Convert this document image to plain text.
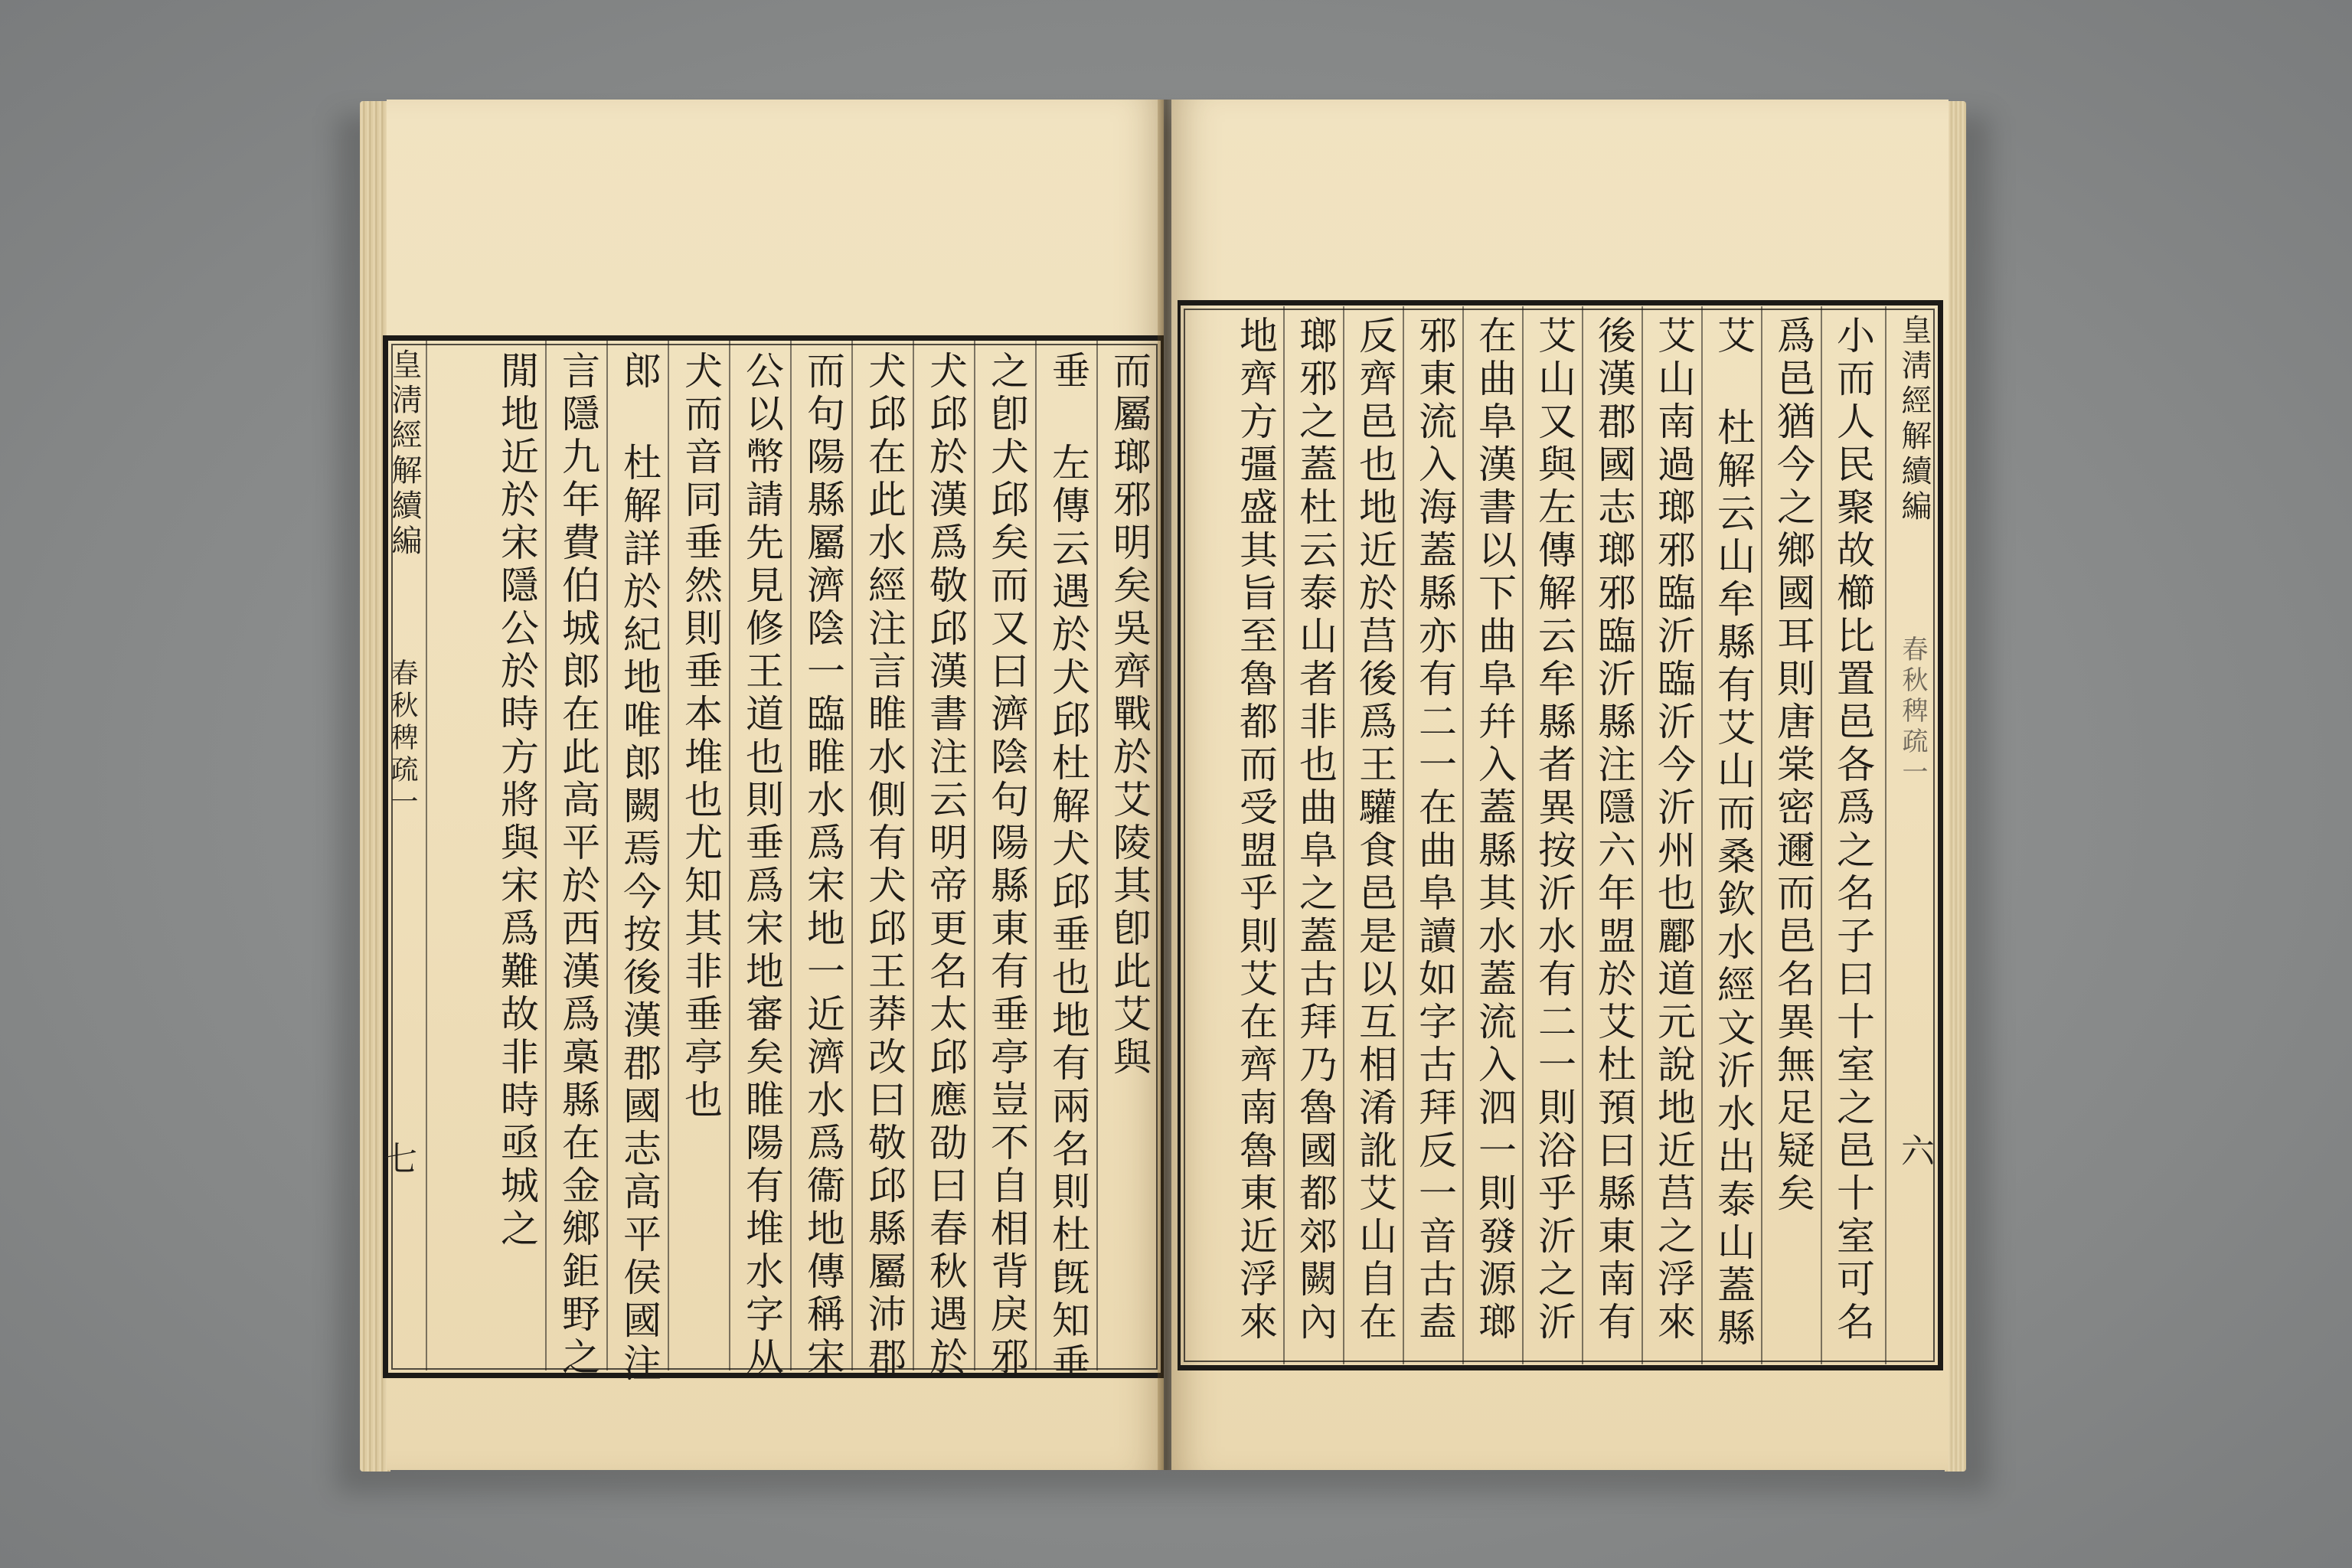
皇淸經解續編
春秋稗疏一
七
而屬瑯邪明矣吳齊戰於艾陵其卽此艾與
垂 左傳云遇於犬邱杜解犬邱垂也地有兩名則杜旣知垂
之卽犬邱矣而又曰濟陰句陽縣東有垂亭豈不自相背戾邪
犬邱於漢爲敬邱漢書注云明帝更名太邱應劭曰春秋遇於
犬邱在此水經注言睢水側有犬邱王莽改曰敬邱縣屬沛郡
而句陽縣屬濟陰一臨睢水爲宋地一近濟水爲衞地傳稱宋
公以幣請先見修王道也則垂爲宋地審矣睢陽有堆水字从
犬而音同垂然則垂本堆也尤知其非垂亭也
郎 杜解詳於紀地唯郎闕焉今按後漢郡國志高平侯國注
言隱九年費伯城郎在此高平於西漢爲槀縣在金鄉鉅野之
閒地近於宋隱公於時方將與宋爲難故非時亟城之	皇淸經解續編
春秋稗疏一
六
小而人民聚故櫛比置邑各爲之名子曰十室之邑十室可名
爲邑猶今之鄉國耳則唐棠密邇而邑名異無足疑矣
艾 杜解云山牟縣有艾山而桑欽水經文沂水出泰山蓋縣
艾山南過瑯邪臨沂臨沂今沂州也酈道元說地近莒之浮來
後漢郡國志瑯邪臨沂縣注隱六年盟於艾杜預曰縣東南有
艾山又與左傳解云牟縣者異按沂水有二一則浴乎沂之沂
在曲阜漢書以下曲阜幷入蓋縣其水蓋流入泗一則發源瑯
邪東流入海蓋縣亦有二一在曲阜讀如字古拜反一音古盍
反齊邑也地近於莒後爲王驩食邑是以互相淆訛艾山自在
瑯邪之蓋杜云泰山者非也曲阜之蓋古拜乃魯國都郊闕內
地齊方彊盛其旨至魯都而受盟乎則艾在齊南魯東近浮來
